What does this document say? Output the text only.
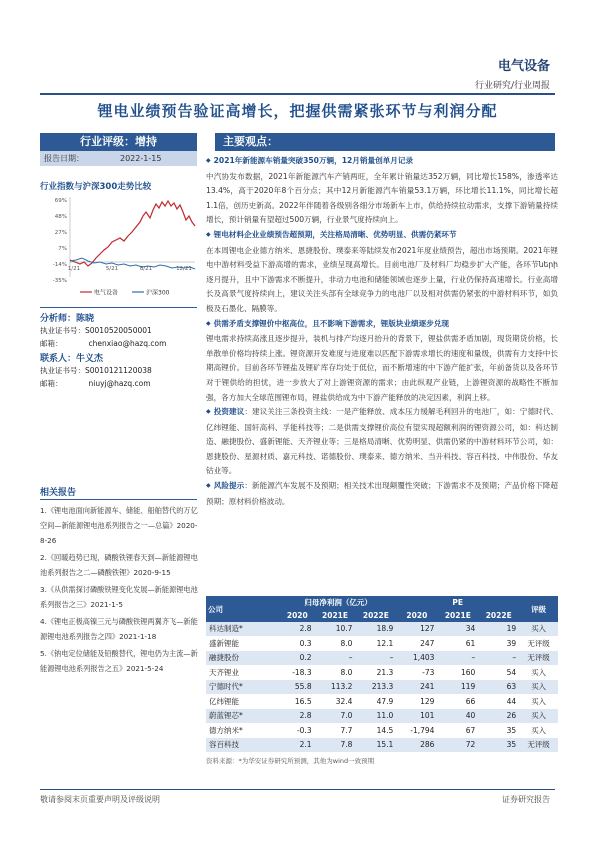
电气设备
行业研究/行业周报
锂电业绩预告验证高增长，把握供需紧张环节与利润分配
行业评级：增持
报告日期：	2022-1-15
行业指数与沪深300走势比较
69%
48%
27%
7%
-14%
-35%
1/21	5/21	8/21	12/21
电气设备	沪深300
分析师：陈晓
执业证书号：S0010520050001
邮箱：	chenxiao@hazq.com
联系人：牛义杰
执业证书号：S0010121120038
邮箱：	niuyj@hazq.com
相关报告
1.《锂电池面向新能源车、储能、船舶替代的万亿空间—新能源锂电池系列报告之一—总篇》2020-8-26
2.《回暖趋势已现，磷酸铁锂春天到—新能源锂电池系列报告之二—磷酸铁锂》2020-9-15
3.《从供需探讨磷酸铁锂变化发展—新能源锂电池系列报告之三》2021-1-5
4.《锂电正极高镍三元与磷酸铁锂两翼齐飞—新能源锂电池系列报告之四》2021-1-18
5.《钠电定位储能及铅酸替代，锂电仍为主流—新能源锂电池系列报告之五》2021-5-24
主要观点：
◆ 2021年新能源车销量突破350万辆，12月销量创单月记录
中汽协发布数据，2021年新能源汽车产销两旺，全年累计销量达352万辆，同比增长158%，渗透率达13.4%，高于2020年8个百分点；其中12月新能源汽车销量53.1万辆，环比增长11.1%，同比增长超1.1倍，创历史新高。2022年伴随着各级别各细分市场新车上市，供给持续拉动需求，支撑下游销量持续增长，预计销量有望超过500万辆，行业景气度持续向上。
◆ 锂电材料企业业绩预告超预期，关注格局清晰、优势明显、供需仍紧环节
在本周锂电企业德方纳米、恩捷股份、璞泰来等陆续发布2021年度业绩预告，超出市场预期。2021年锂电中游材料受益下游高增的需求，业绩呈现高增长。目前电池厂及材料厂均稳步扩大产能，各环节ների逐月提升，且中下游需求不断提升，非动力电池和储能领域也逐步上量，行业仍保持高速增长。行业高增长及高景气度持续向上，建议关注头部有全球竞争力的电池厂以及相对供需仍紧张的中游材料环节，如负极及石墨化、隔膜等。
◆ 供需矛盾支撑锂价中枢高位，且不影响下游需求，锂版块业绩逐步兑现
锂电需求持续高涨且逐步提升，装机与排产均逐月抬升的背景下，锂盐供需矛盾加剧，现货期货价格，长单散单价格均持续上涨。锂资源开发难度与进度难以匹配下游需求增长的速度和量级，供需有力支持中长期高锂价。目前各环节锂盐及锂矿库存均处于低位，而不断增速的中下游产能扩张，年前备货以及各环节对于锂供给的担忧，进一步放大了对上游锂资源的需求；由此纵观产业链，上游锂资源的战略性不断加强，各方加大全球范围锂布局，锂盐供给成为中下游产能释放的决定因素，利润上移。
◆ 投资建议：建议关注三条投资主线：一是产能释放、成本压力缓解毛利回升的电池厂，如：宁德时代、亿纬锂能、国轩高科、孚能科技等；二是供需支撑锂价高位有望实现超额利润的锂资源公司，如：科达制造、融捷股份、盛新锂能、天齐锂业等；三是格局清晰、优势明显、供需仍紧的中游材料环节公司，如：恩捷股份、星源材质、嘉元科技、诺德股份、璞泰来、德方纳米、当升科技、容百科技、中伟股份、华友钴业等。
◆ 风险提示：新能源汽车发展不及预期；相关技术出现颠覆性突破；下游需求不及预期；产品价格下降超预期；原材料价格波动。
公司	归母净利润（亿元）			PE			评级
	2020	2021E	2022E	2020	2021E	2022E	
科达制造*	2.8	10.7	18.9	127	34	19	买入
盛新锂能	0.3	8.0	12.1	247	61	39	无评级
融捷股份	0.2	–	–	1,403	–	–	无评级
天齐锂业	-18.3	8.0	21.3	-73	160	54	买入
宁德时代*	55.8	113.2	213.3	241	119	63	买入
亿纬锂能	16.5	32.4	47.9	129	66	44	买入
蔚蓝锂芯*	2.8	7.0	11.0	101	40	26	买入
德方纳米*	-0.3	7.7	14.5	-1,794	67	35	买入
容百科技	2.1	7.8	15.1	286	72	35	无评级
资料来源：*为华安证券研究所预测，其他为wind一致预期
敬请参阅末页重要声明及评级说明	证券研究报告
